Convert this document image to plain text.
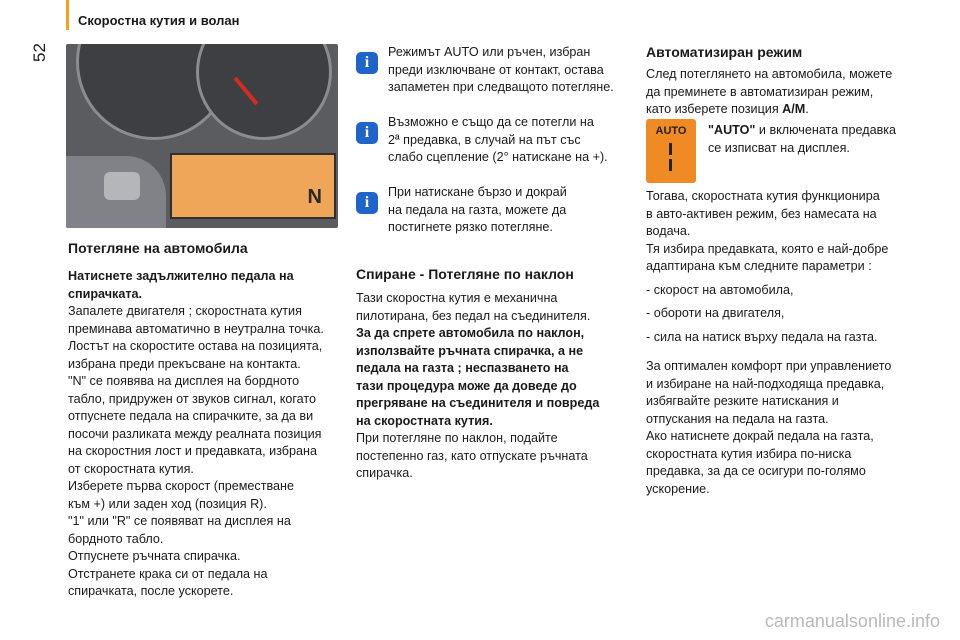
Скоростна кутия и волан
52
N
Потегляне на автомобила
Натиснете задължително педала на
спирачката.
Запалете двигателя ; скоростната кутия
преминава автоматично в неутрална точка.
Лостът на скоростите остава на позицията,
избрана преди прекъсване на контакта.
"N" се появява на дисплея на бордното
табло, придружен от звуков сигнал, когато
отпуснете педала на спирачките, за да ви
посочи разликата между реалната позиция
на скоростния лост и предавката, избрана
от скоростната кутия.
Изберете първа скорост (преместване
към +) или заден ход (позиция R).
"1" или "R" се появяват на дисплея на
бордното табло.
Отпуснете ръчната спирачка.
Отстранете крака си от педала на
спирачката, после ускорете.
i
Режимът AUTO или ръчен, избран
преди изключване от контакт, остава
запаметен при следващото потегляне.
i
Възможно е също да се потегли на
2ª предавка, в случай на път със
слабо сцепление (2° натискане на +).
i
При натискане бързо и докрай
на педала на газта, можете да
постигнете рязко потегляне.
Спиране - Потегляне по наклон
Тази скоростна кутия е механична
пилотирана, без педал на съединителя.
За да спрете автомобила по наклон,
използвайте ръчната спирачка, а не
педала на газта ; неспазването на
тази процедура може да доведе до
прегряване на съединителя и повреда
на скоростната кутия.
При потегляне по наклон, подайте
постепенно газ, като отпускате ръчната
спирачка.
Автоматизиран режим
След потеглянето на автомобила, можете
да преминете в автоматизиран режим,
като изберете позиция A/M.
AUTO	"AUTO" и включената предавка
се изписват на дисплея.
Тогава, скоростната кутия функционира
в авто-активен режим, без намесата на
водача.
Тя избира предавката, която е най-добре
адаптирана към следните параметри :
- скорост на автомобила,
- обороти на двигателя,
- сила на натиск върху педала на газта.
За оптимален комфорт при управлението
и избиране на най-подходяща предавка,
избягвайте резките натискания и
отпускания на педала на газта.
Ако натиснете докрай педала на газта,
скоростната кутия избира по-ниска
предавка, за да се осигури по-голямо
ускорение.
carmanualsonline.info
